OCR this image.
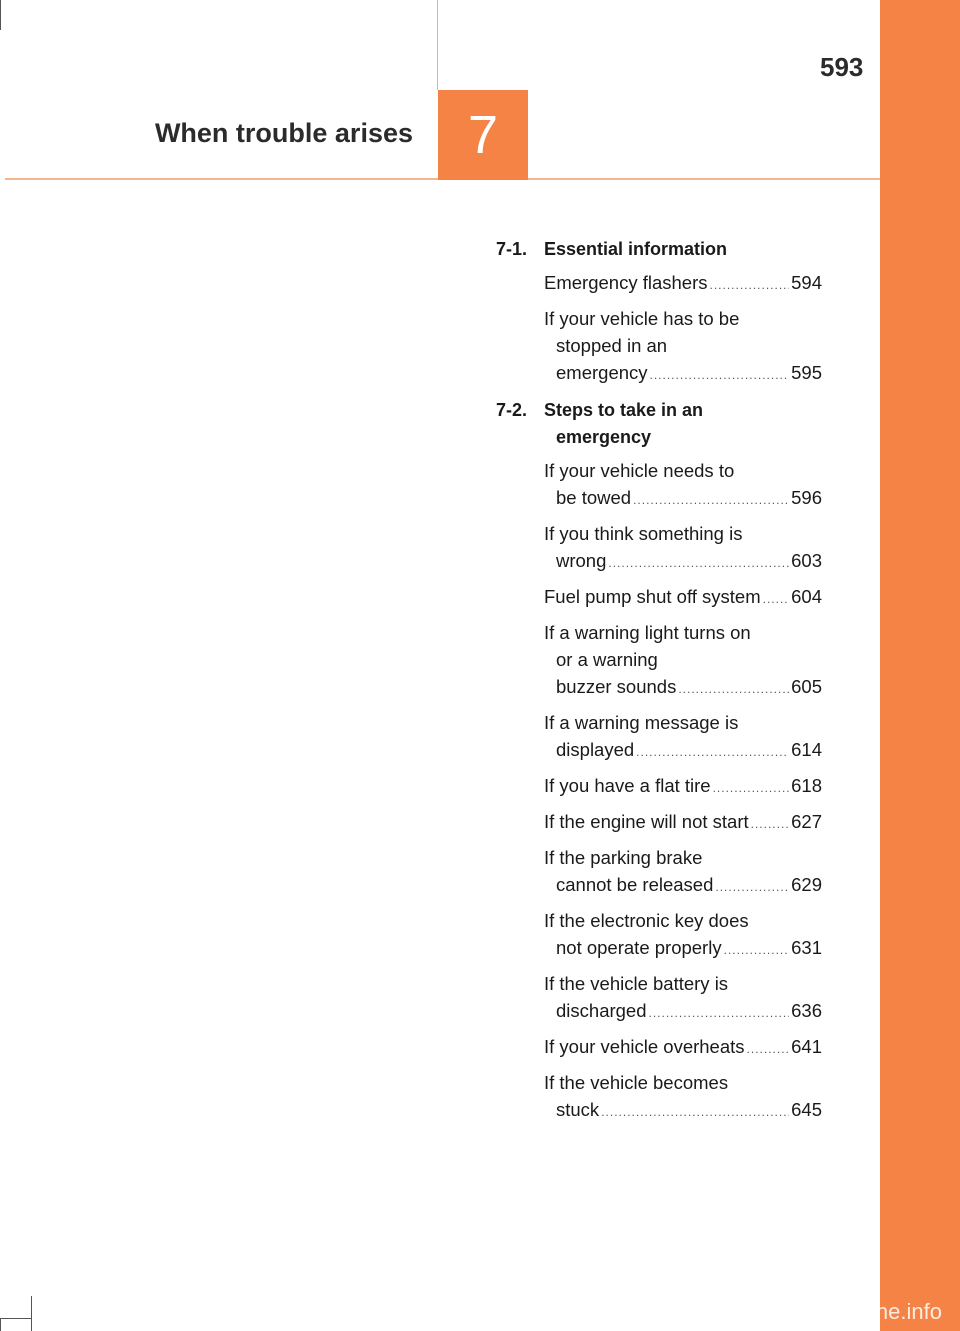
7
When trouble arises
593
7-1. Essential information
Emergency flashers .....	594
If your vehicle has to be
stopped in an
emergency .....	595
7-2. Steps to take in an
emergency
If your vehicle needs to
be towed .....	596
If you think something is
wrong .....	603
Fuel pump shut off system ..... 604
If a warning light turns on
or a warning
buzzer sounds .....	605
If a warning message is
displayed .....	614
If you have a flat tire .....	618
If the engine will not start ..... 627
If the parking brake
cannot be released .....	629
If the electronic key does
not operate properly .....	631
If the vehicle battery is
discharged .....	636
If your vehicle overheats .....	641
If the vehicle becomes
stuck .....	645
carmanualsonline.info
